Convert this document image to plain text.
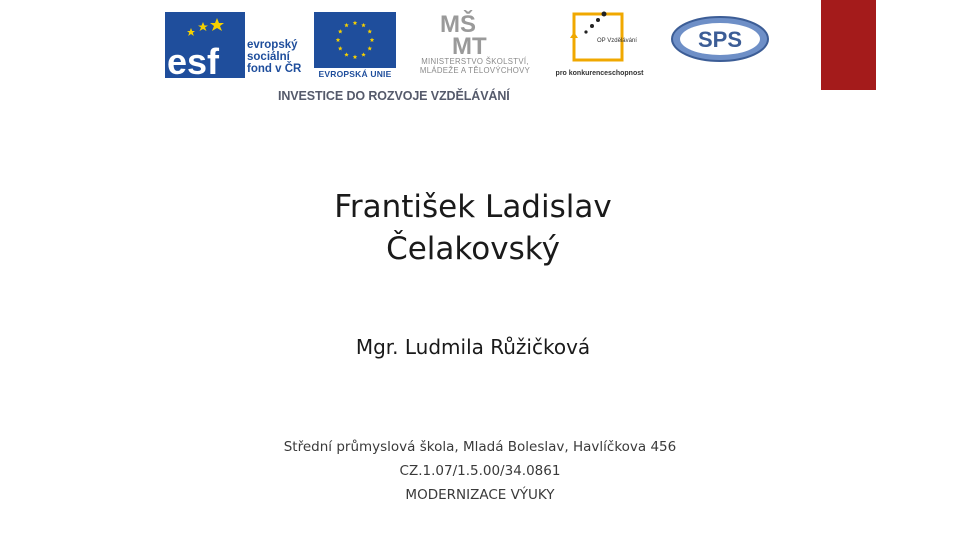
esf evropský
sociální
fond v ČR	EVROPSKÁ UNIE
MŠ
MT
MINISTERSTVO ŠKOLSTVÍ,
MLÁDEŽE A TĚLOVÝCHOVY
OP Vzdělávání
pro konkurenceschopnost
SPS
INVESTICE DO ROZVOJE VZDĚLÁVÁNÍ
František Ladislav
Čelakovský
Mgr. Ludmila Růžičková
Střední průmyslová škola, Mladá Boleslav, Havlíčkova 456
CZ.1.07/1.5.00/34.0861
MODERNIZACE VÝUKY
